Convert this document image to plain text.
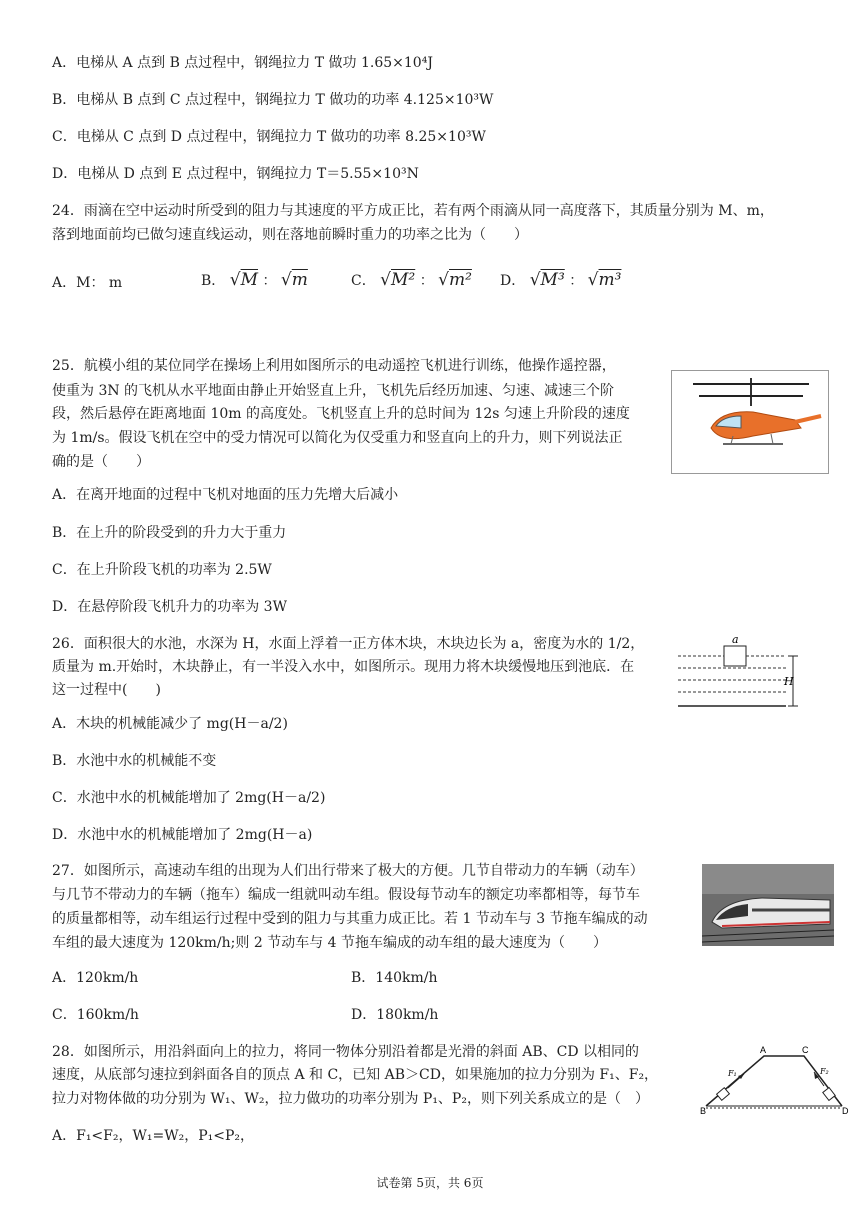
A．电梯从 A 点到 B 点过程中，钢绳拉力 T 做功 1.65×10⁴J
B．电梯从 B 点到 C 点过程中，钢绳拉力 T 做功的功率 4.125×10³W
C．电梯从 C 点到 D 点过程中，钢绳拉力 T 做功的功率 8.25×10³W
D．电梯从 D 点到 E 点过程中，钢绳拉力 T＝5.55×10³N
24．雨滴在空中运动时所受到的阻力与其速度的平方成正比，若有两个雨滴从同一高度落下，其质量分别为 M、m，
落到地面前均已做匀速直线运动，则在落地前瞬时重力的功率之比为（　　）
A．M： m	B． √M ： √m	C． √M² ： √m² D． √M³ ： √m³
25．航模小组的某位同学在操场上利用如图所示的电动遥控飞机进行训练，他操作遥控器，
使重为 3N 的飞机从水平地面由静止开始竖直上升，飞机先后经历加速、匀速、减速三个阶
段，然后悬停在距离地面 10m 的高度处。飞机竖直上升的总时间为 12s 匀速上升阶段的速度
为 1m/s。假设飞机在空中的受力情况可以简化为仅受重力和竖直向上的升力，则下列说法正
确的是（　　）
A．在离开地面的过程中飞机对地面的压力先增大后减小
B．在上升的阶段受到的升力大于重力
C．在上升阶段飞机的功率为 2.5W
D．在悬停阶段飞机升力的功率为 3W
26．面积很大的水池，水深为 H，水面上浮着一正方体木块，木块边长为 a，密度为水的 1/2，
质量为 m.开始时，木块静止，有一半没入水中，如图所示。现用力将木块缓慢地压到池底．在
这一过程中(　　)
a
H
A．木块的机械能减少了 mg(H－a/2)
B．水池中水的机械能不变
C．水池中水的机械能增加了 2mg(H－a/2)
D．水池中水的机械能增加了 2mg(H－a)
27．如图所示，高速动车组的出现为人们出行带来了极大的方便。几节自带动力的车辆（动车）
与几节不带动力的车辆（拖车）编成一组就叫动车组。假设每节动车的额定功率都相等，每节车
的质量都相等，动车组运行过程中受到的阻力与其重力成正比。若 1 节动车与 3 节拖车编成的动
车组的最大速度为 120km/h;则 2 节动车与 4 节拖车编成的动车组的最大速度为（　　）
A．120km/h	B．140km/h
C．160km/h	D．180km/h
28．如图所示，用沿斜面向上的拉力，将同一物体分别沿着都是光滑的斜面 AB、CD 以相同的
速度，从底部匀速拉到斜面各自的顶点 A 和 C，已知 AB＞CD，如果施加的拉力分别为 F₁、F₂，
拉力对物体做的功分别为 W₁、W₂，拉力做功的功率分别为 P₁、P₂，则下列关系成立的是（　）
A	C
B	D
F₁	F₂
A．F₁<F₂，W₁=W₂，P₁<P₂，
试卷第 5页，共 6页
